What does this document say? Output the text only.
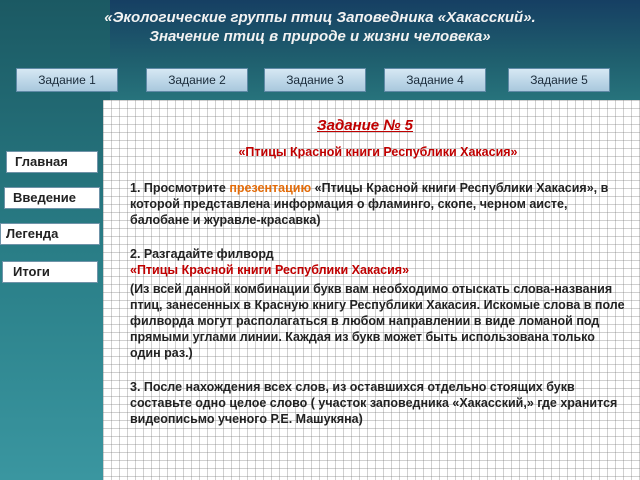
«Экологические группы птиц Заповедника «Хакасский».
Значение птиц в природе и жизни человека»
Задание 1	Задание 2	Задание 3	Задание 4	Задание 5
Главная
Введение
Легенда
Итоги
Задание № 5
«Птицы Красной книги Республики Хакасия»

1. Просмотрите презентацию «Птицы Красной книги Республики Хакасия», в которой представлена информация о фламинго, скопе, черном аисте, балобане и журавле-красавка)

2. Разгадайте филворд

«Птицы Красной книги Республики Хакасия»

(Из всей данной комбинации букв вам необходимо отыскать слова-названия птиц, занесенных в Красную книгу Республики Хакасия. Искомые слова в поле филворда могут располагаться в любом направлении в виде ломаной под прямыми углами линии. Каждая из букв может быть использована только один раз.)

3. После нахождения всех слов, из оставшихся отдельно стоящих букв составьте одно целое слово ( участок заповедника «Хакасский,» где хранится видеописьмо ученого Р.Е. Машукяна)
